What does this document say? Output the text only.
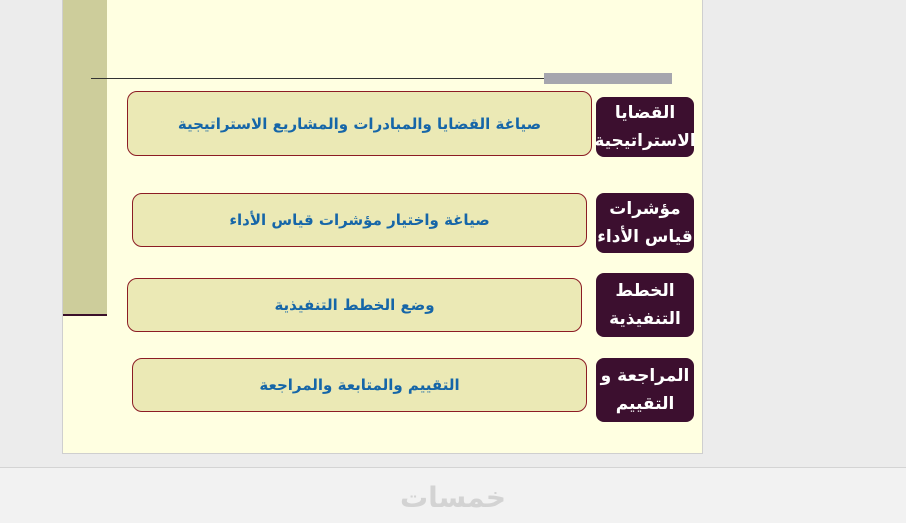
صياغة القضايا والمبادرات والمشاريع الاستراتيجية
القضايا
الاستراتيجية
صياغة واختيار مؤشرات قياس الأداء
مؤشرات
قياس الأداء
وضع الخطط التنفيذية
الخطط
التنفيذية
التقييم والمتابعة والمراجعة	المراجعة و
التقييم
خمسات
